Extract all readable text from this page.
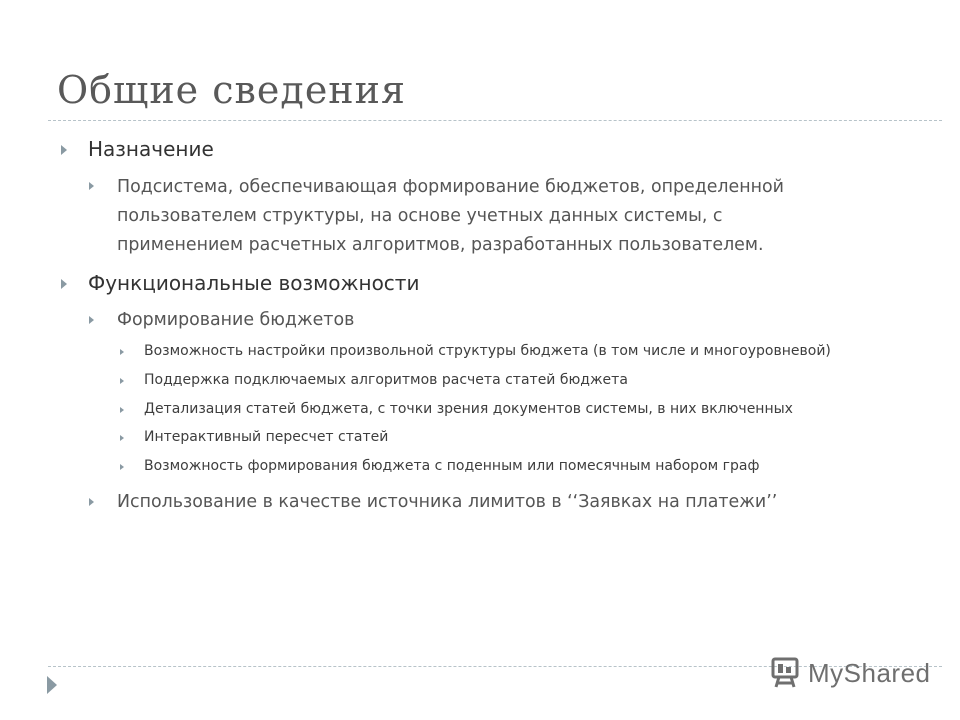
Общие сведения
Назначение
Подсистема, обеспечивающая формирование бюджетов, определенной
пользователем структуры, на основе учетных данных системы, с
применением расчетных алгоритмов, разработанных пользователем.
Функциональные возможности
Формирование бюджетов
Возможность настройки произвольной структуры бюджета (в том числе и многоуровневой)
Поддержка подключаемых алгоритмов расчета статей бюджета
Детализация статей бюджета, с точки зрения документов системы, в них включенных
Интерактивный пересчет статей
Возможность формирования бюджета с поденным или помесячным набором граф
Использование в качестве источника лимитов в ‘‘Заявках на платежи’’
MyShared
